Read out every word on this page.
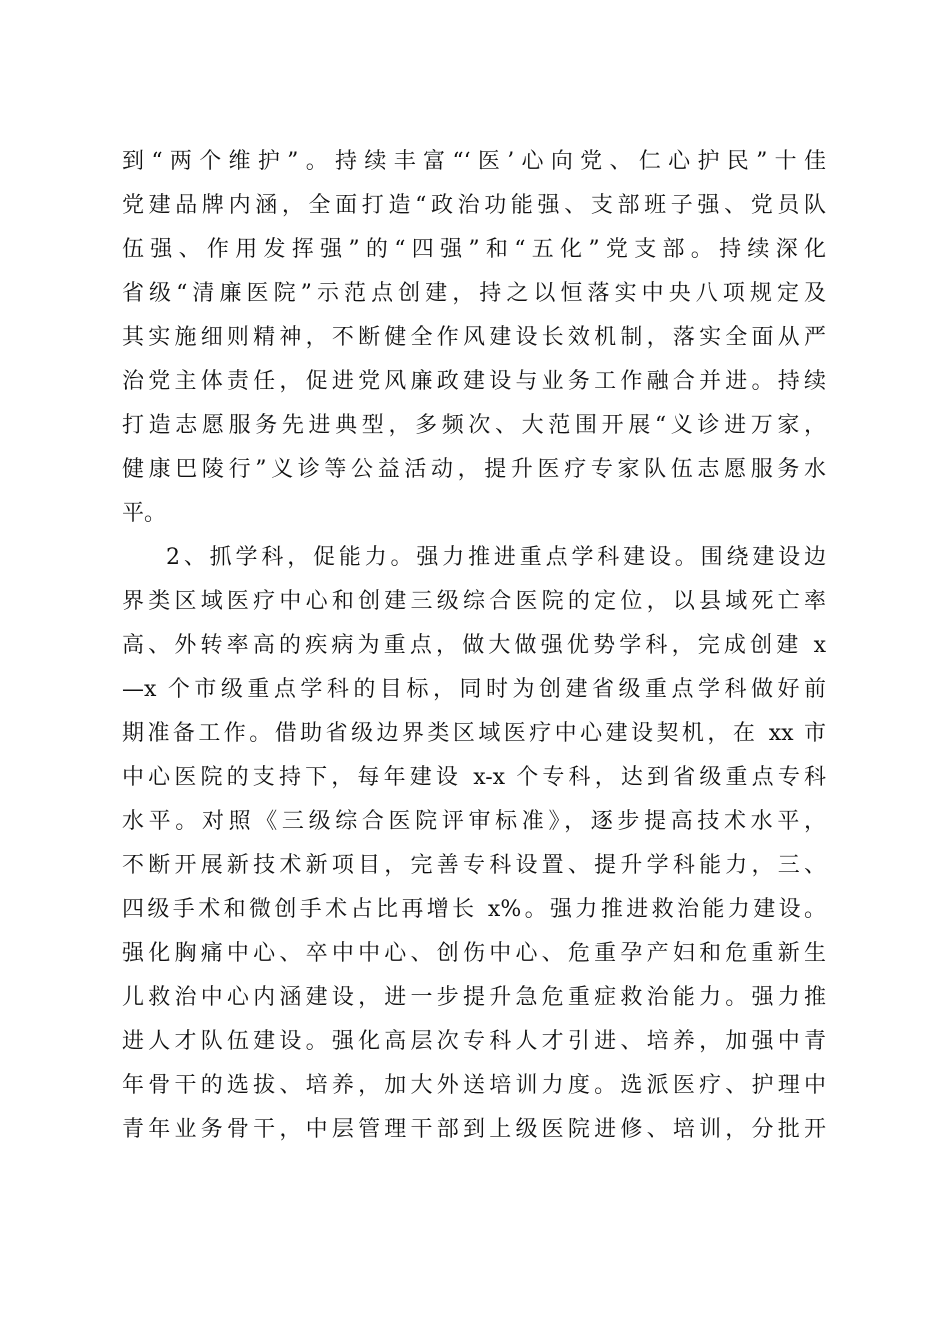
到“两个维护”。持续丰富“‘医’心向党、仁心护民”十佳
党建品牌内涵，全面打造“政治功能强、支部班子强、党员队
伍强、作用发挥强”的“四强”和“五化”党支部。持续深化
省级“清廉医院”示范点创建，持之以恒落实中央八项规定及
其实施细则精神，不断健全作风建设长效机制，落实全面从严
治党主体责任，促进党风廉政建设与业务工作融合并进。持续
打造志愿服务先进典型，多频次、大范围开展“义诊进万家，
健康巴陵行”义诊等公益活动，提升医疗专家队伍志愿服务水
平。
2、抓学科，促能力。强力推进重点学科建设。围绕建设边
界类区域医疗中心和创建三级综合医院的定位，以县域死亡率
高、外转率高的疾病为重点，做大做强优势学科，完成创建 x
—x 个市级重点学科的目标，同时为创建省级重点学科做好前
期准备工作。借助省级边界类区域医疗中心建设契机，在 xx 市
中心医院的支持下，每年建设 x-x 个专科，达到省级重点专科
水平。对照《三级综合医院评审标准》，逐步提高技术水平，
不断开展新技术新项目，完善专科设置、提升学科能力，三、
四级手术和微创手术占比再增长 x%。强力推进救治能力建设。
强化胸痛中心、卒中中心、创伤中心、危重孕产妇和危重新生
儿救治中心内涵建设，进一步提升急危重症救治能力。强力推
进人才队伍建设。强化高层次专科人才引进、培养，加强中青
年骨干的选拔、培养，加大外送培训力度。选派医疗、护理中
青年业务骨干，中层管理干部到上级医院进修、培训，分批开
